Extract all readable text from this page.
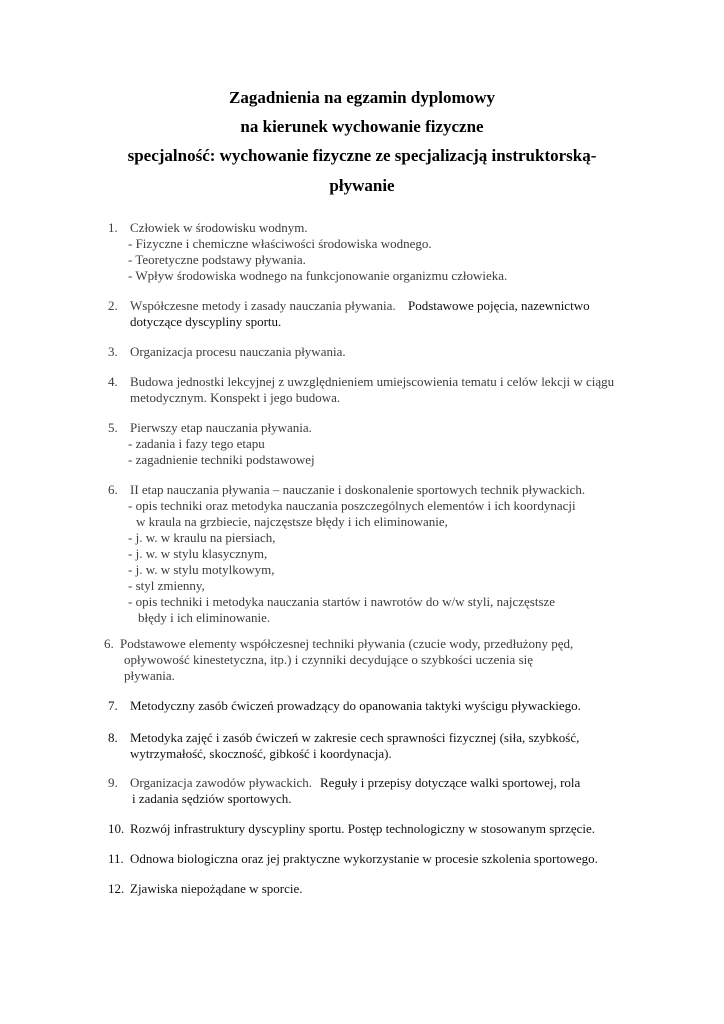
Zagadnienia na egzamin dyplomowy
na kierunek wychowanie fizyczne
specjalność: wychowanie fizyczne ze specjalizacją instruktorską-
pływanie
1. Człowiek w środowisku wodnym.
- Fizyczne i chemiczne właściwości środowiska wodnego.
- Teoretyczne podstawy pływania.
- Wpływ środowiska wodnego na funkcjonowanie organizmu człowieka.
2. Współczesne metody i zasady nauczania pływania. Podstawowe pojęcia, nazewnictwo
dotyczące dyscypliny sportu.
3. Organizacja procesu nauczania pływania.
4. Budowa jednostki lekcyjnej z uwzględnieniem umiejscowienia tematu i celów lekcji w ciągu
metodycznym. Konspekt i jego budowa.
5. Pierwszy etap nauczania pływania.
- zadania i fazy tego etapu
- zagadnienie techniki podstawowej
6. II etap nauczania pływania – nauczanie i doskonalenie sportowych technik pływackich.
- opis techniki oraz metodyka nauczania poszczególnych elementów i ich koordynacji
w kraula na grzbiecie, najczęstsze błędy i ich eliminowanie,
- j. w. w kraulu na piersiach,
- j. w. w stylu klasycznym,
- j. w. w stylu motylkowym,
- styl zmienny,
- opis techniki i metodyka nauczania startów i nawrotów do w/w styli, najczęstsze
błędy i ich eliminowanie.
6. Podstawowe elementy współczesnej techniki pływania (czucie wody, przedłużony pęd,
opływowość kinestetyczna, itp.) i czynniki decydujące o szybkości uczenia się
pływania.
7. Metodyczny zasób ćwiczeń prowadzący do opanowania taktyki wyścigu pływackiego.
8. Metodyka zajęć i zasób ćwiczeń w zakresie cech sprawności fizycznej (siła, szybkość,
wytrzymałość, skoczność, gibkość i koordynacja).
9. Organizacja zawodów pływackich. Reguły i przepisy dotyczące walki sportowej, rola
i zadania sędziów sportowych.
10. Rozwój infrastruktury dyscypliny sportu. Postęp technologiczny w stosowanym sprzęcie.
11. Odnowa biologiczna oraz jej praktyczne wykorzystanie w procesie szkolenia sportowego.
12. Zjawiska niepożądane w sporcie.
